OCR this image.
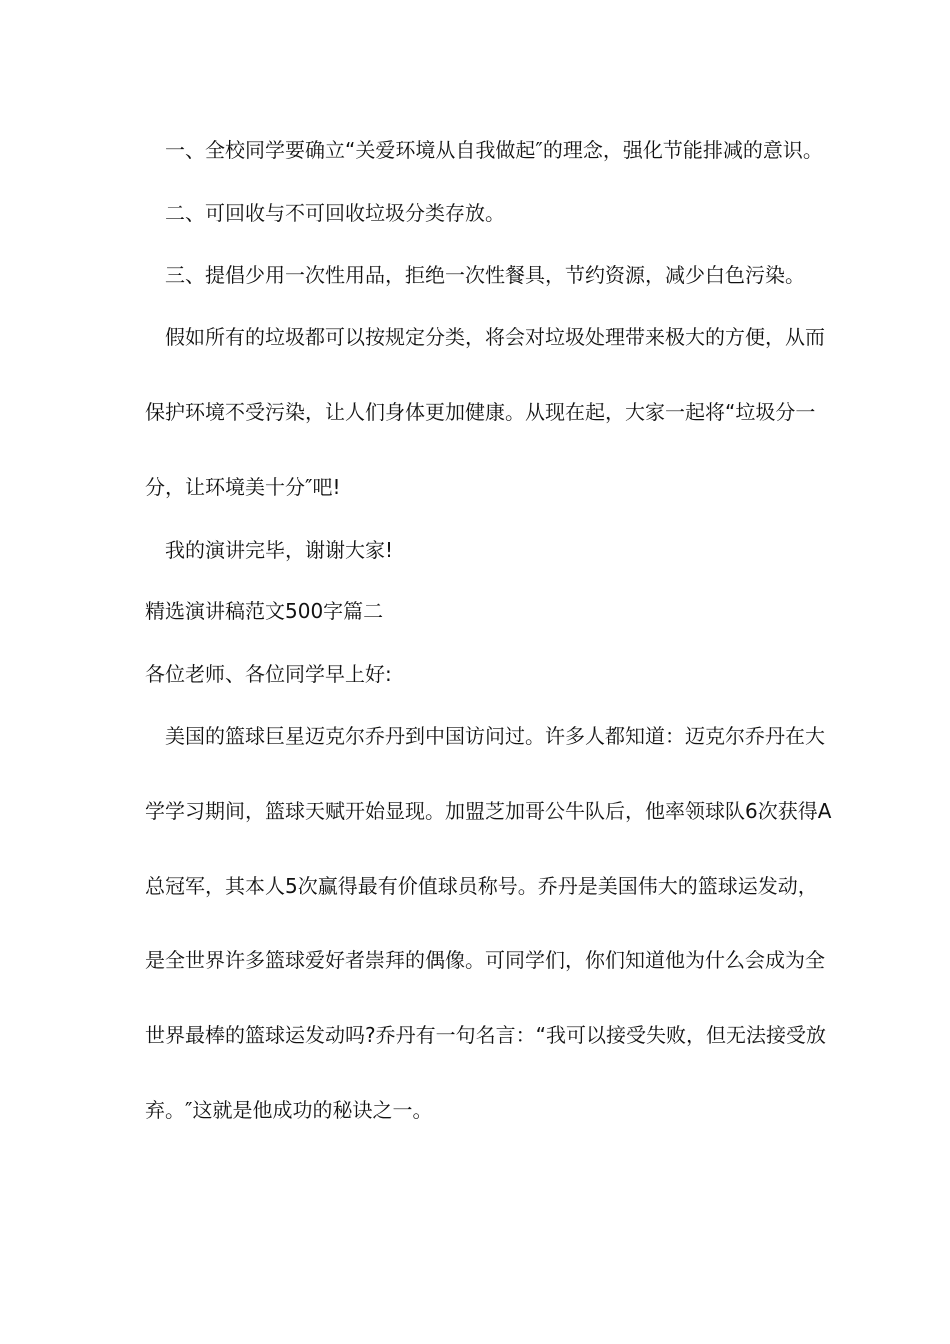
　一、全校同学要确立“关爱环境从自我做起″的理念，强化节能排减的意识。
　二、可回收与不可回收垃圾分类存放。
　三、提倡少用一次性用品，拒绝一次性餐具，节约资源，减少白色污染。
　假如所有的垃圾都可以按规定分类，将会对垃圾处理带来极大的方便，从而
保护环境不受污染，让人们身体更加健康。从现在起，大家一起将“垃圾分一
分，让环境美十分″吧!
　我的演讲完毕，谢谢大家!
精选演讲稿范文500字篇二
各位老师、各位同学早上好:
　美国的篮球巨星迈克尔乔丹到中国访问过。许多人都知道：迈克尔乔丹在大
学学习期间，篮球天赋开始显现。加盟芝加哥公牛队后，他率领球队6次获得A
总冠军，其本人5次赢得最有价值球员称号。乔丹是美国伟大的篮球运发动，
是全世界许多篮球爱好者崇拜的偶像。可同学们，你们知道他为什么会成为全
世界最棒的篮球运发动吗?乔丹有一句名言：“我可以接受失败，但无法接受放
弃。″这就是他成功的秘诀之一。
